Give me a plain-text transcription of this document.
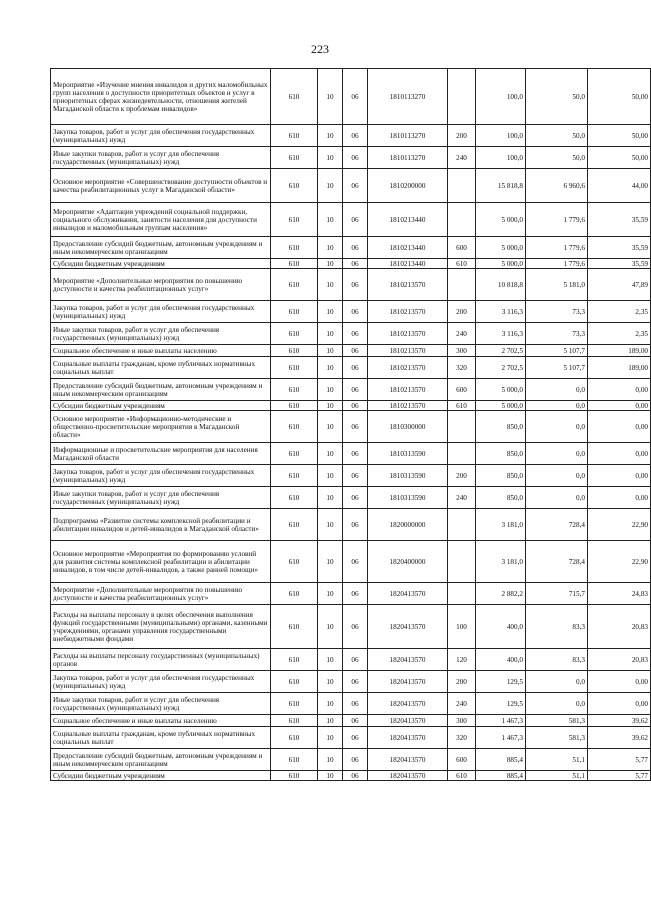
223
Мероприятие «Изучение мнения инвалидов и других маломобильных групп населения о доступности приоритетных объектов и услуг в приоритетных сферах жизнедеятельности, отношения жителей Магаданской области к проблемам инвалидов»	610	10	06	1810113270		100,0	50,0	50,00
Закупка товаров, работ и услуг для обеспечения государственных (муниципальных) нужд	610	10	06	1810113270	200	100,0	50,0	50,00
Иные закупки товаров, работ и услуг для обеспечения государственных (муниципальных) нужд	610	10	06	1810113270	240	100,0	50,0	50,00
Основное мероприятие «Совершенствование доступности объектов и качества реабилитационных услуг в Магаданской области»	610	10	06	1810200000		15 818,8	6 960,6	44,00
Мероприятие «Адаптация учреждений социальной поддержки, социального обслуживания, занятости населения для доступности инвалидов и маломобильным группам населения»	610	10	06	1810213440		5 000,0	1 779,6	35,59
Предоставление субсидий бюджетным, автономным учреждениям и иным некоммерческим организациям	610	10	06	1810213440	600	5 000,0	1 779,6	35,59
Субсидии бюджетным учреждениям	610	10	06	1810213440	610	5 000,0	1 779,6	35,59
Мероприятие «Дополнительные мероприятия по повышению доступности и качества реабилитационных услуг»	610	10	06	1810213570		10 818,8	5 181,0	47,89
Закупка товаров, работ и услуг для обеспечения государственных (муниципальных) нужд	610	10	06	1810213570	200	3 116,3	73,3	2,35
Иные закупки товаров, работ и услуг для обеспечения государственных (муниципальных) нужд	610	10	06	1810213570	240	3 116,3	73,3	2,35
Социальное обеспечение и иные выплаты населению	610	10	06	1810213570	300	2 702,5	5 107,7	189,00
Социальные выплаты гражданам, кроме публичных нормативных социальных выплат	610	10	06	1810213570	320	2 702,5	5 107,7	189,00
Предоставление субсидий бюджетным, автономным учреждениям и иным некоммерческим организациям	610	10	06	1810213570	600	5 000,0	0,0	0,00
Субсидии бюджетным учреждениям	610	10	06	1810213570	610	5 000,0	0,0	0,00
Основное мероприятие «Информационно-методические и общественно-просветительские мероприятия в Магаданской области»	610	10	06	1810300000		850,0	0,0	0,00
Информационные и просветительские мероприятия для населения Магаданской области	610	10	06	1810313590		850,0	0,0	0,00
Закупка товаров, работ и услуг для обеспечения государственных (муниципальных) нужд	610	10	06	1810313590	200	850,0	0,0	0,00
Иные закупки товаров, работ и услуг для обеспечения государственных (муниципальных) нужд	610	10	06	1810313590	240	850,0	0,0	0,00
Подпрограмма «Развитие системы комплексной реабилитации и абилитации инвалидов и детей-инвалидов в Магаданской области»	610	10	06	1820000000		3 181,0	728,4	22,90
Основное мероприятие «Мероприятия по формированию условий для развития системы комплексной реабилитации и абилитации инвалидов, в том числе детей-инвалидов, а также ранней помощи»	610	10	06	1820400000		3 181,0	728,4	22,90
Мероприятие «Дополнительные мероприятия по повышению доступности и качества реабилитационных услуг»	610	10	06	1820413570		2 882,2	715,7	24,83
Расходы на выплаты персоналу в целях обеспечения выполнения функций государственными (муниципальными) органами, казенными учреждениями, органами управления государственными внебюджетными фондами	610	10	06	1820413570	100	400,0	83,3	20,83
Расходы на выплаты персоналу государственных (муниципальных) органов	610	10	06	1820413570	120	400,0	83,3	20,83
Закупка товаров, работ и услуг для обеспечения государственных (муниципальных) нужд	610	10	06	1820413570	200	129,5	0,0	0,00
Иные закупки товаров, работ и услуг для обеспечения государственных (муниципальных) нужд	610	10	06	1820413570	240	129,5	0,0	0,00
Социальное обеспечение и иные выплаты населению	610	10	06	1820413570	300	1 467,3	581,3	39,62
Социальные выплаты гражданам, кроме публичных нормативных социальных выплат	610	10	06	1820413570	320	1 467,3	581,3	39,62
Предоставление субсидий бюджетным, автономным учреждениям и иным некоммерческим организациям	610	10	06	1820413570	600	885,4	51,1	5,77
Субсидии бюджетным учреждениям	610	10	06	1820413570	610	885,4	51,1	5,77
